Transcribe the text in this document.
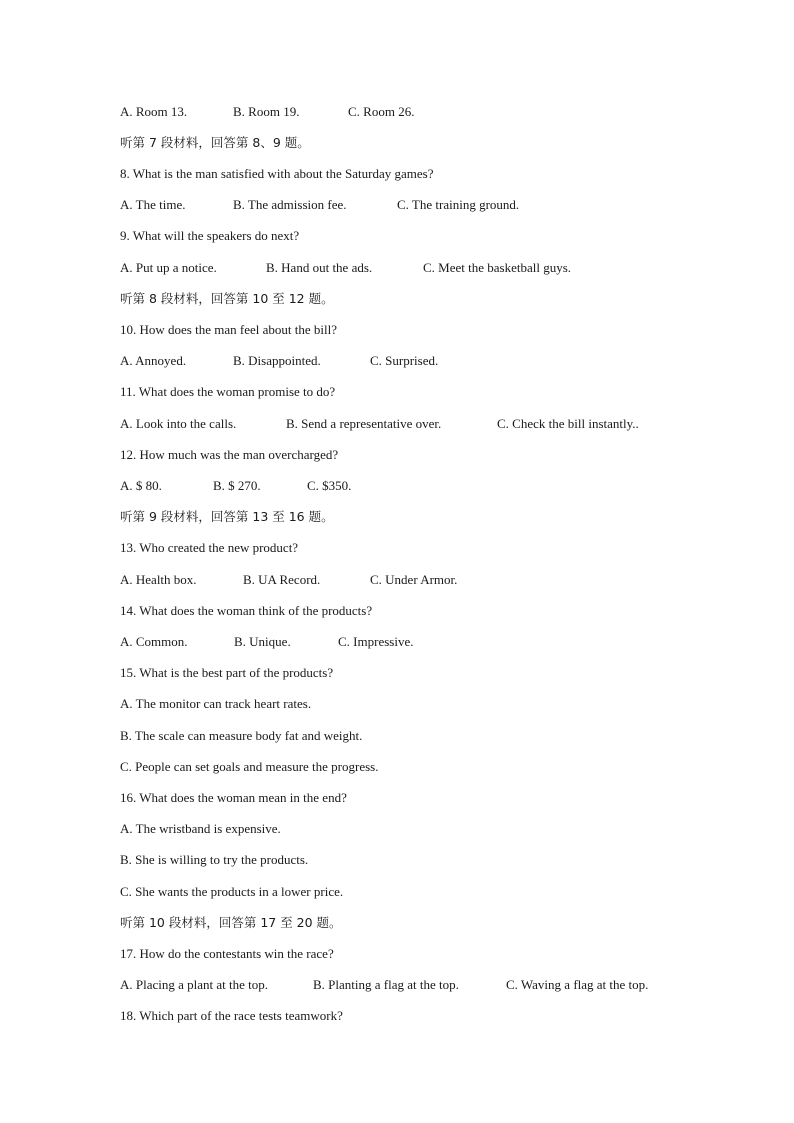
A. Room 13.	B. Room 19.	C. Room 26.
听第 7 段材料，回答第 8、9 题。
8. What is the man satisfied with about the Saturday games?
A. The time.	B. The admission fee.	C. The training ground.
9. What will the speakers do next?
A. Put up a notice.	B. Hand out the ads.	C. Meet the basketball guys.
听第 8 段材料，回答第 10 至 12 题。
10. How does the man feel about the bill?
A. Annoyed.	B. Disappointed.	C. Surprised.
11. What does the woman promise to do?
A. Look into the calls.	B. Send a representative over.	C. Check the bill instantly..
12. How much was the man overcharged?
A. $ 80.	B. $ 270.	C. $350.
听第 9 段材料，回答第 13 至 16 题。
13. Who created the new product?
A. Health box.	B. UA Record.	C. Under Armor.
14. What does the woman think of the products?
A. Common.	B. Unique.	C. Impressive.
15. What is the best part of the products?
A. The monitor can track heart rates.
B. The scale can measure body fat and weight.
C. People can set goals and measure the progress.
16. What does the woman mean in the end?
A. The wristband is expensive.
B. She is willing to try the products.
C. She wants the products in a lower price.
听第 10 段材料，回答第 17 至 20 题。
17. How do the contestants win the race?
A. Placing a plant at the top.	B. Planting a flag at the top.	C. Waving a flag at the top.
18. Which part of the race tests teamwork?
